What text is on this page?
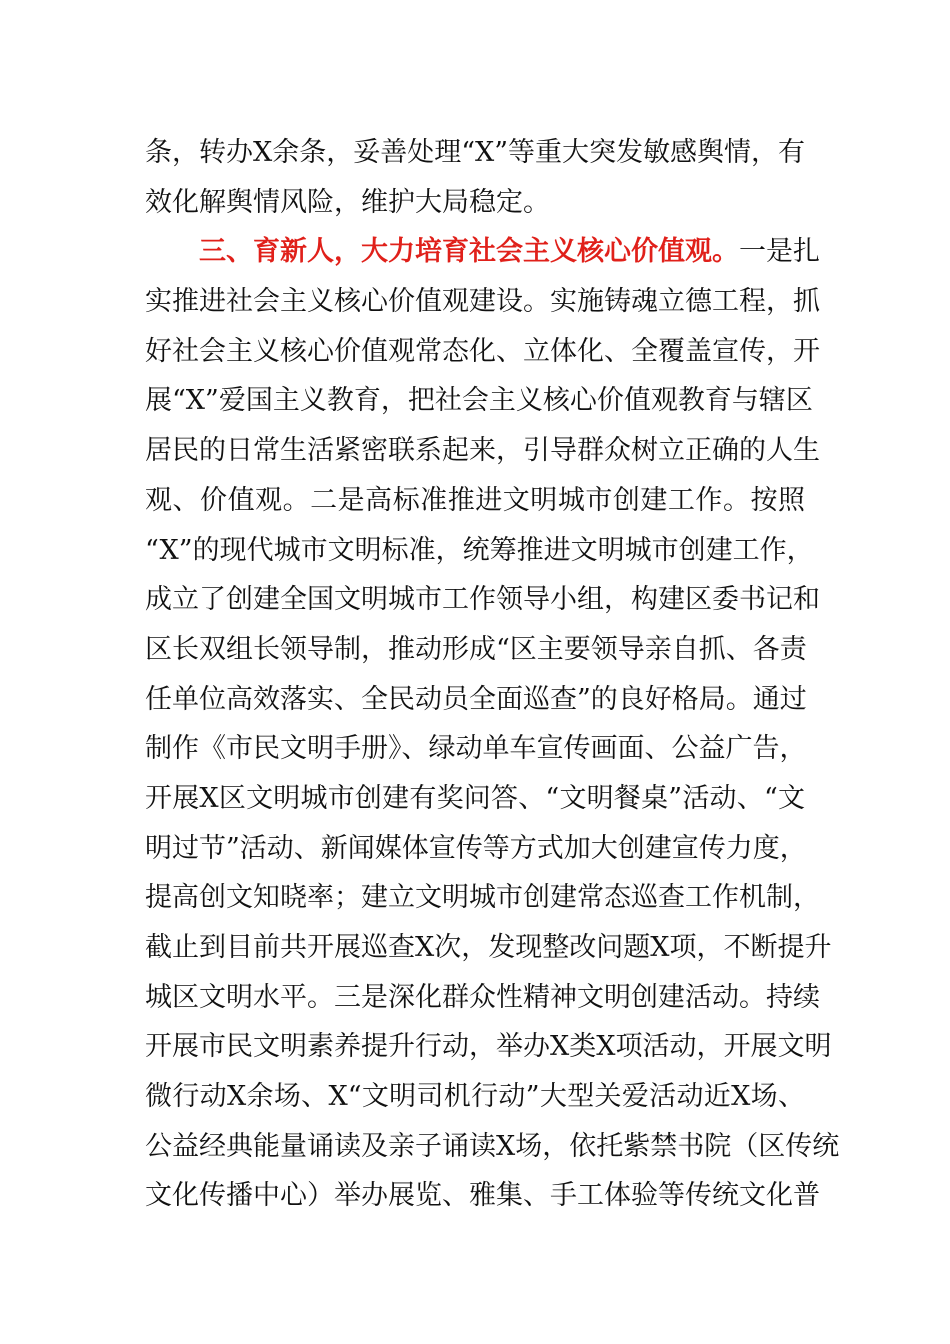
条，转办X余条，妥善处理“X”等重大突发敏感舆情，有
效化解舆情风险，维护大局稳定。
三、育新人，大力培育社会主义核心价值观。一是扎
实推进社会主义核心价值观建设。实施铸魂立德工程，抓
好社会主义核心价值观常态化、立体化、全覆盖宣传，开
展“X”爱国主义教育，把社会主义核心价值观教育与辖区
居民的日常生活紧密联系起来，引导群众树立正确的人生
观、价值观。二是高标准推进文明城市创建工作。按照
“X”的现代城市文明标准，统筹推进文明城市创建工作，
成立了创建全国文明城市工作领导小组，构建区委书记和
区长双组长领导制，推动形成“区主要领导亲自抓、各责
任单位高效落实、全民动员全面巡查”的良好格局。通过
制作《市民文明手册》、绿动单车宣传画面、公益广告，
开展X区文明城市创建有奖问答、“文明餐桌”活动、“文
明过节”活动、新闻媒体宣传等方式加大创建宣传力度，
提高创文知晓率；建立文明城市创建常态巡查工作机制，
截止到目前共开展巡查X次，发现整改问题X项，不断提升
城区文明水平。三是深化群众性精神文明创建活动。持续
开展市民文明素养提升行动，举办X类X项活动，开展文明
微行动X余场、X“文明司机行动”大型关爱活动近X场、
公益经典能量诵读及亲子诵读X场，依托紫禁书院（区传统
文化传播中心）举办展览、雅集、手工体验等传统文化普
